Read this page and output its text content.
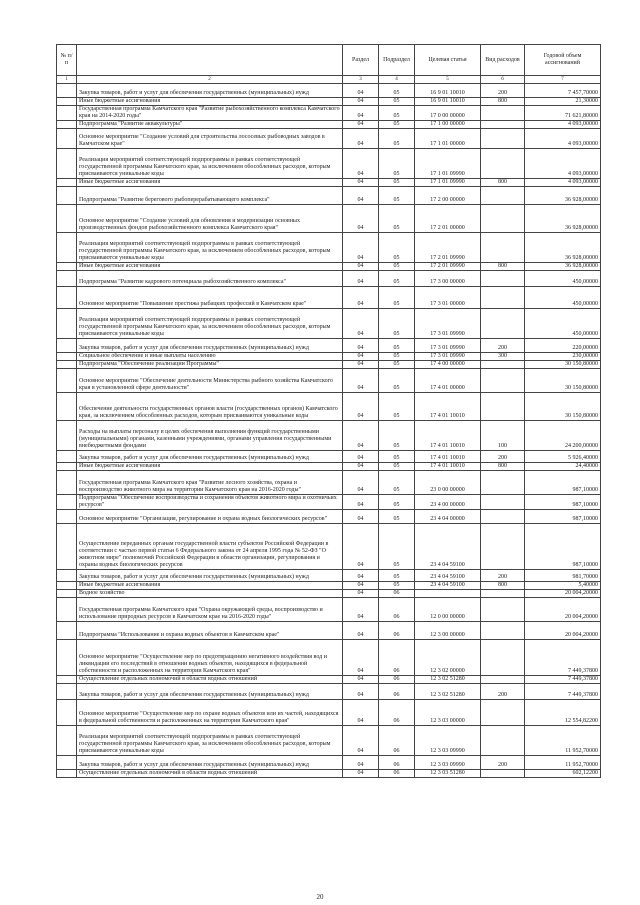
№ п/п		Раздел	Подраздел	Целевая статья	Вид расходов	Годовой объем ассигнований
1	2	3	4	5	6	7
	Закупка товаров, работ и услуг для обеспечения государственных (муниципальных) нужд	04	05	16 9 01 10010	200	7 457,70000
	Иные бюджетные ассигнования	04	05	16 9 01 10010	800	21,30000
	Государственная программа Камчатского края "Развитие рыбохозяйственного комплекса Камчатского края на 2014-2020 годы"	04	05	17 0 00 00000		71 621,80000
	Подпрограмма "Развитие аквакультуры"	04	05	17 1 00 00000		4 093,00000
	Основное мероприятие "Создание условий для строительства лососевых рыбоводных заводов в Камчатском крае"	04	05	17 1 01 00000		4 093,00000
	Реализация мероприятий соответствующей подпрограммы в рамках соответствующей государственной программы Камчатского края, за исключением обособленных расходов, которым присваиваются уникальные коды	04	05	17 1 01 09990		4 093,00000
	Иные бюджетные ассигнования	04	05	17 1 01 09990	800	4 093,00000
	Подпрограмма "Развитие берегового рыбоперерабатывающего комплекса"	04	05	17 2 00 00000		36 928,00000
	Основное мероприятие "Создание условий для обновления и модернизации основных производственных фондов рыбохозяйственного комплекса Камчатского края"	04	05	17 2 01 00000		36 928,00000
	Реализация мероприятий соответствующей подпрограммы в рамках соответствующей государственной программы Камчатского края, за исключением обособленных расходов, которым присваиваются уникальные коды	04	05	17 2 01 09990		36 928,00000
	Иные бюджетные ассигнования	04	05	17 2 01 09990	800	36 928,00000
	Подпрограмма "Развитие кадрового потенциала рыбохозяйственного комплекса"	04	05	17 3 00 00000		450,00000
	Основное мероприятие "Повышение престижа рыбацких профессий в Камчатском крае"	04	05	17 3 01 00000		450,00000
	Реализация мероприятий соответствующей подпрограммы в рамках соответствующей государственной программы Камчатского края, за исключением обособленных расходов, которым присваиваются уникальные коды	04	05	17 3 01 09990		450,00000
	Закупка товаров, работ и услуг для обеспечения государственных (муниципальных) нужд	04	05	17 3 01 09990	200	220,00000
	Социальное обеспечение и иные выплаты населению	04	05	17 3 01 09990	300	230,00000
	Подпрограмма "Обеспечение реализации Программы"	04	05	17 4 00 00000		30 150,80000
	Основное мероприятие "Обеспечение деятельности Министерства рыбного хозяйства Камчатского края в установленной сфере деятельности"	04	05	17 4 01 00000		30 150,80000
	Обеспечение деятельности государственных органов власти (государственных органов) Камчатского края, за исключением обособленных расходов, которым присваиваются уникальные коды	04	05	17 4 01 10010		30 150,80000
	Расходы на выплаты персоналу в целях обеспечения выполнения функций государственными (муниципальными) органами, казенными учреждениями, органами управления государственными внебюджетными фондами	04	05	17 4 01 10010	100	24 200,00000
	Закупка товаров, работ и услуг для обеспечения государственных (муниципальных) нужд	04	05	17 4 01 10010	200	5 926,40000
	Иные бюджетные ассигнования	04	05	17 4 01 10010	800	24,40000
	Государственная программа Камчатского края "Развитие лесного хозяйства, охрана и воспроизводство животного мира на территории Камчатского края на 2016-2020 годы"	04	05	23 0 00 00000		987,10000
	Подпрограмма "Обеспечение воспроизводства и сохранения объектов животного мира и охотничьих ресурсов"	04	05	23 4 00 00000		987,10000
	Основное мероприятие "Организация, регулирование и охрана водных биологических ресурсов"	04	05	23 4 04 00000		987,10000
	Осуществление переданных органам государственной власти субъектов Российской Федерации в соответствии с частью первой статьи 6 Федерального закона от 24 апреля 1995 года № 52-ФЗ "О животном мире" полномочий Российской Федерации в области организации, регулирования и охраны водных биологических ресурсов	04	05	23 4 04 59100		987,10000
	Закупка товаров, работ и услуг для обеспечения государственных (муниципальных) нужд	04	05	23 4 04 59100	200	981,70000
	Иные бюджетные ассигнования	04	05	23 4 04 59100	800	5,40000
	Водное хозяйство	04	06			20 004,20000
	Государственная программа Камчатского края "Охрана окружающей среды, воспроизводство и использование природных ресурсов в Камчатском крае на 2016-2020 годы"	04	06	12 0 00 00000		20 004,20000
	Подпрограмма "Использование и охрана водных объектов в Камчатском крае"	04	06	12 3 00 00000		20 004,20000
	Основное мероприятие "Осуществление мер по предотвращению негативного воздействия вод и ликвидации его последствий в отношении водных объектов, находящихся в федеральной собственности и расположенных на территории Камчатского края"	04	06	12 3 02 00000		7 449,37800
	Осуществление отдельных полномочий в области водных отношений	04	06	12 3 02 51280		7 449,37800
	Закупка товаров, работ и услуг для обеспечения государственных (муниципальных) нужд	04	06	12 3 02 51280	200	7 449,37800
	Основное мероприятие "Осуществление мер по охране водных объектов или их частей, находящихся в федеральной собственности и расположенных на территории Камчатского края"	04	06	12 3 03 00000		12 554,82200
	Реализация мероприятий соответствующей подпрограммы в рамках соответствующей государственной программы Камчатского края, за исключением обособленных расходов, которым присваиваются уникальные коды	04	06	12 3 03 09990		11 952,70000
	Закупка товаров, работ и услуг для обеспечения государственных (муниципальных) нужд	04	06	12 3 03 09990	200	11 952,70000
	Осуществление отдельных полномочий в области водных отношений	04	06	12 3 03 51280		602,12200
20
